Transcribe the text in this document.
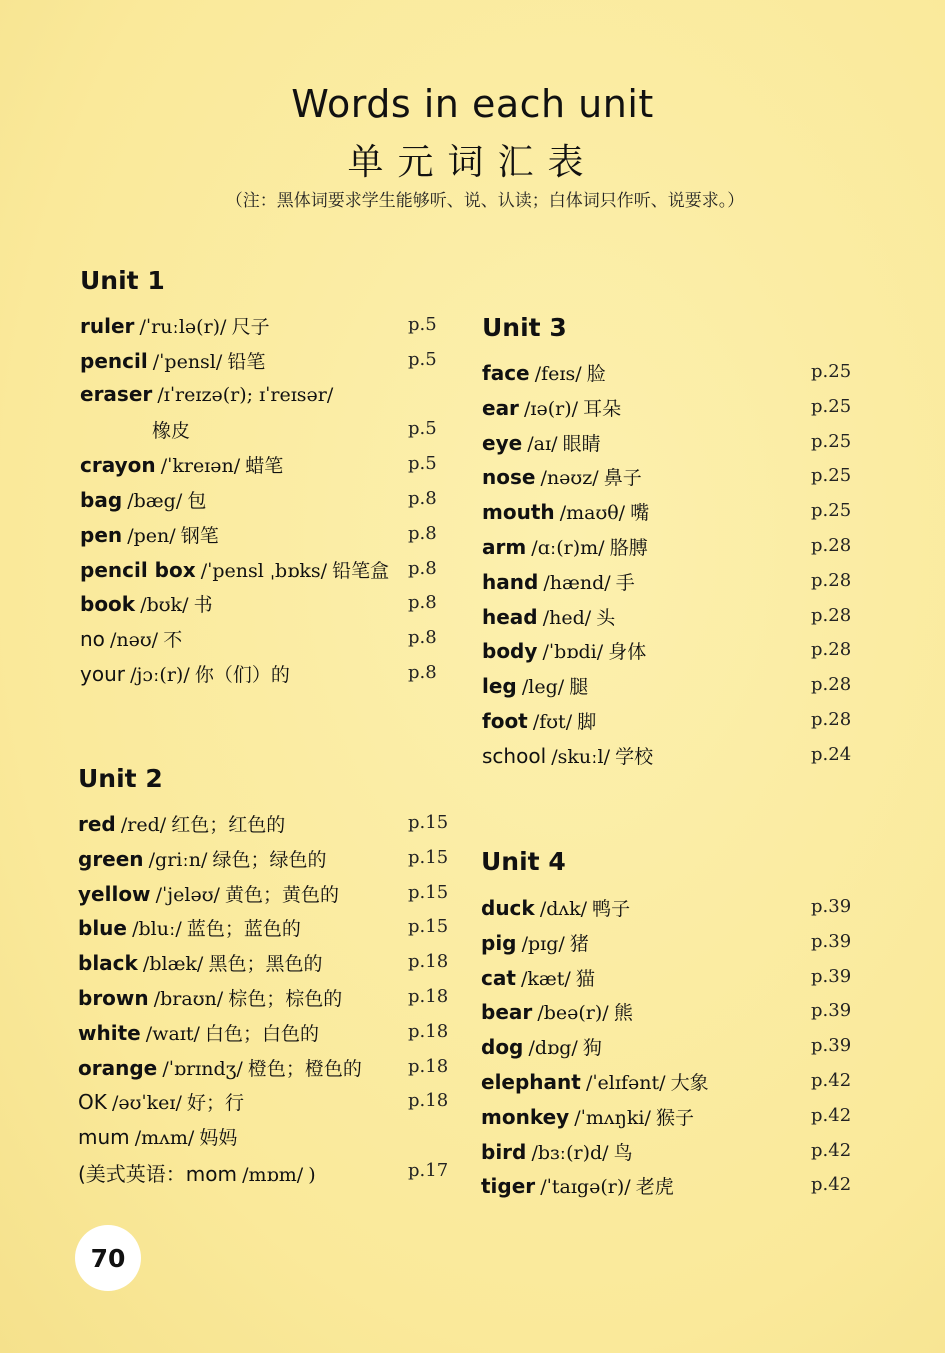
Words in each unit
单元词汇表
（注：黑体词要求学生能够听、说、认读；白体词只作听、说要求。）
Unit 1
ruler /ˈruːlə(r)/ 尺子	p.5
pencil /ˈpensl/ 铅笔	p.5
eraser /ɪˈreɪzə(r); ɪˈreɪsər/
橡皮	p.5
crayon /ˈkreɪən/ 蜡笔	p.5
bag /bæg/ 包	p.8
pen /pen/ 钢笔	p.8
pencil box /ˈpensl ˌbɒks/ 铅笔盒 p.8
book /bʊk/ 书	p.8
no /nəʊ/ 不	p.8
your /jɔː(r)/ 你（们）的	p.8
Unit 2
red /red/ 红色；红色的	p.15
green /griːn/ 绿色；绿色的	p.15
yellow /ˈjeləʊ/ 黄色；黄色的	p.15
blue /bluː/ 蓝色；蓝色的	p.15
black /blæk/ 黑色；黑色的	p.18
brown /braʊn/ 棕色；棕色的	p.18
white /waɪt/ 白色；白色的	p.18
orange /ˈɒrɪndʒ/ 橙色；橙色的	p.18
OK /əʊˈkeɪ/ 好；行	p.18
mum /mʌm/ 妈妈
(美式英语：mom /mɒm/ )	p.17
Unit 3
face /feɪs/ 脸	p.25
ear /ɪə(r)/ 耳朵	p.25
eye /aɪ/ 眼睛	p.25
nose /nəʊz/ 鼻子	p.25
mouth /maʊθ/ 嘴	p.25
arm /ɑː(r)m/ 胳膊	p.28
hand /hænd/ 手	p.28
head /hed/ 头	p.28
body /ˈbɒdi/ 身体	p.28
leg /leg/ 腿	p.28
foot /fʊt/ 脚	p.28
school /skuːl/ 学校	p.24
Unit 4
duck /dʌk/ 鸭子	p.39
pig /pɪg/ 猪	p.39
cat /kæt/ 猫	p.39
bear /beə(r)/ 熊	p.39
dog /dɒg/ 狗	p.39
elephant /ˈelɪfənt/ 大象	p.42
monkey /ˈmʌŋki/ 猴子	p.42
bird /bɜː(r)d/ 鸟	p.42
tiger /ˈtaɪgə(r)/ 老虎	p.42
70
